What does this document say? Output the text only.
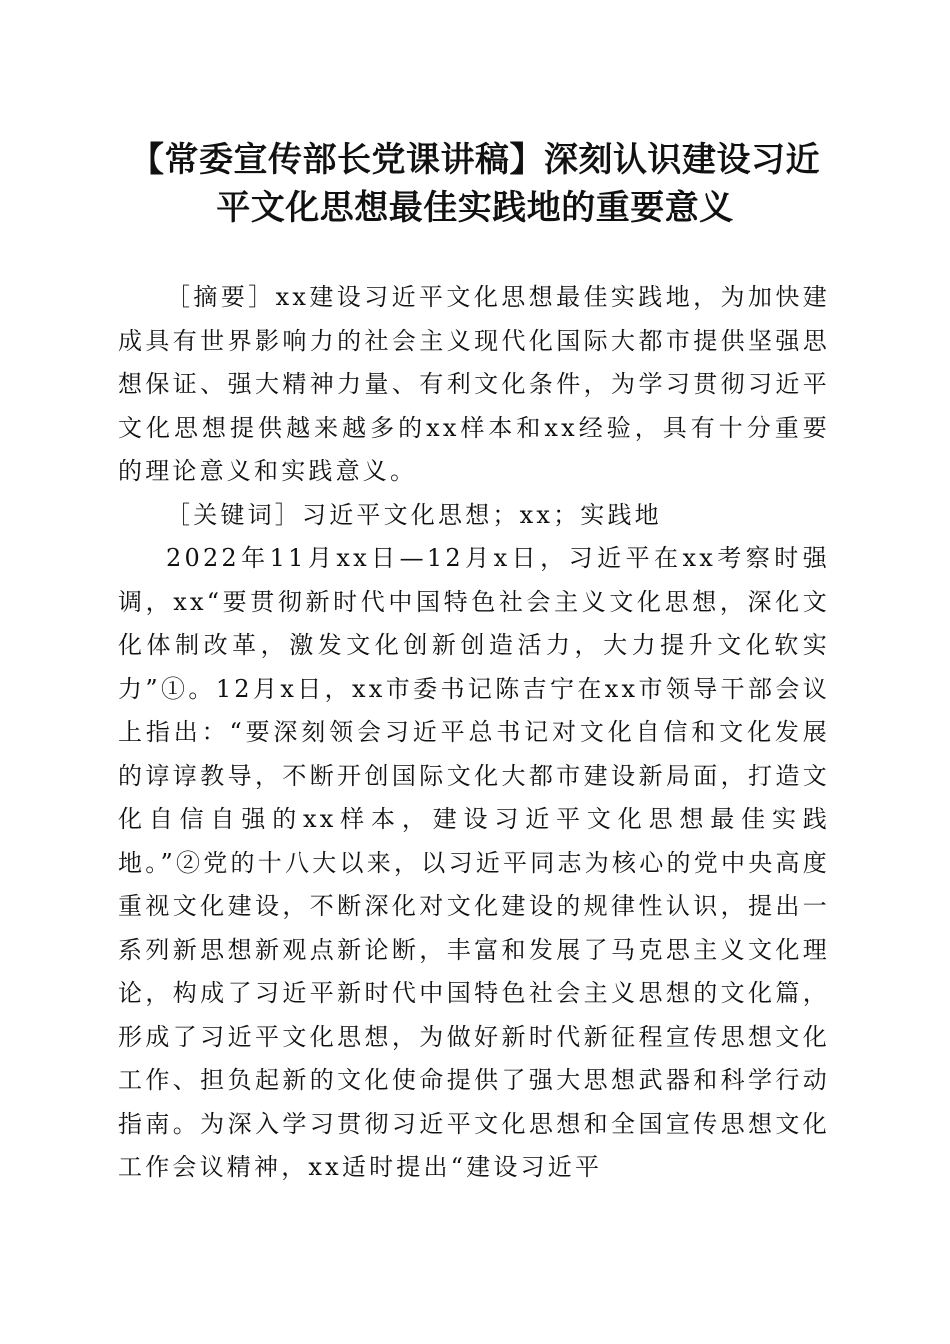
【常委宣传部长党课讲稿】深刻认识建设习近
平文化思想最佳实践地的重要意义

［摘要］xx建设习近平文化思想最佳实践地，为加快建成具有世界影响力的社会主义现代化国际大都市提供坚强思想保证、强大精神力量、有利文化条件，为学习贯彻习近平文化思想提供越来越多的xx样本和xx经验，具有十分重要的理论意义和实践意义。

［关键词］习近平文化思想；xx；实践地

2022年11月xx日—12月x日，习近平在xx考察时强调，xx“要贯彻新时代中国特色社会主义文化思想，深化文化体制改革，激发文化创新创造活力，大力提升文化软实力”①。12月x日，xx市委书记陈吉宁在xx市领导干部会议上指出：“要深刻领会习近平总书记对文化自信和文化发展的谆谆教导，不断开创国际文化大都市建设新局面，打造文化自信自强的xx样本，建设习近平文化思想最佳实践地。”②党的十八大以来，以习近平同志为核心的党中央高度重视文化建设，不断深化对文化建设的规律性认识，提出一系列新思想新观点新论断，丰富和发展了马克思主义文化理论，构成了习近平新时代中国特色社会主义思想的文化篇，形成了习近平文化思想，为做好新时代新征程宣传思想文化工作、担负起新的文化使命提供了强大思想武器和科学行动指南。为深入学习贯彻习近平文化思想和全国宣传思想文化工作会议精神，xx适时提出“建设习近平
